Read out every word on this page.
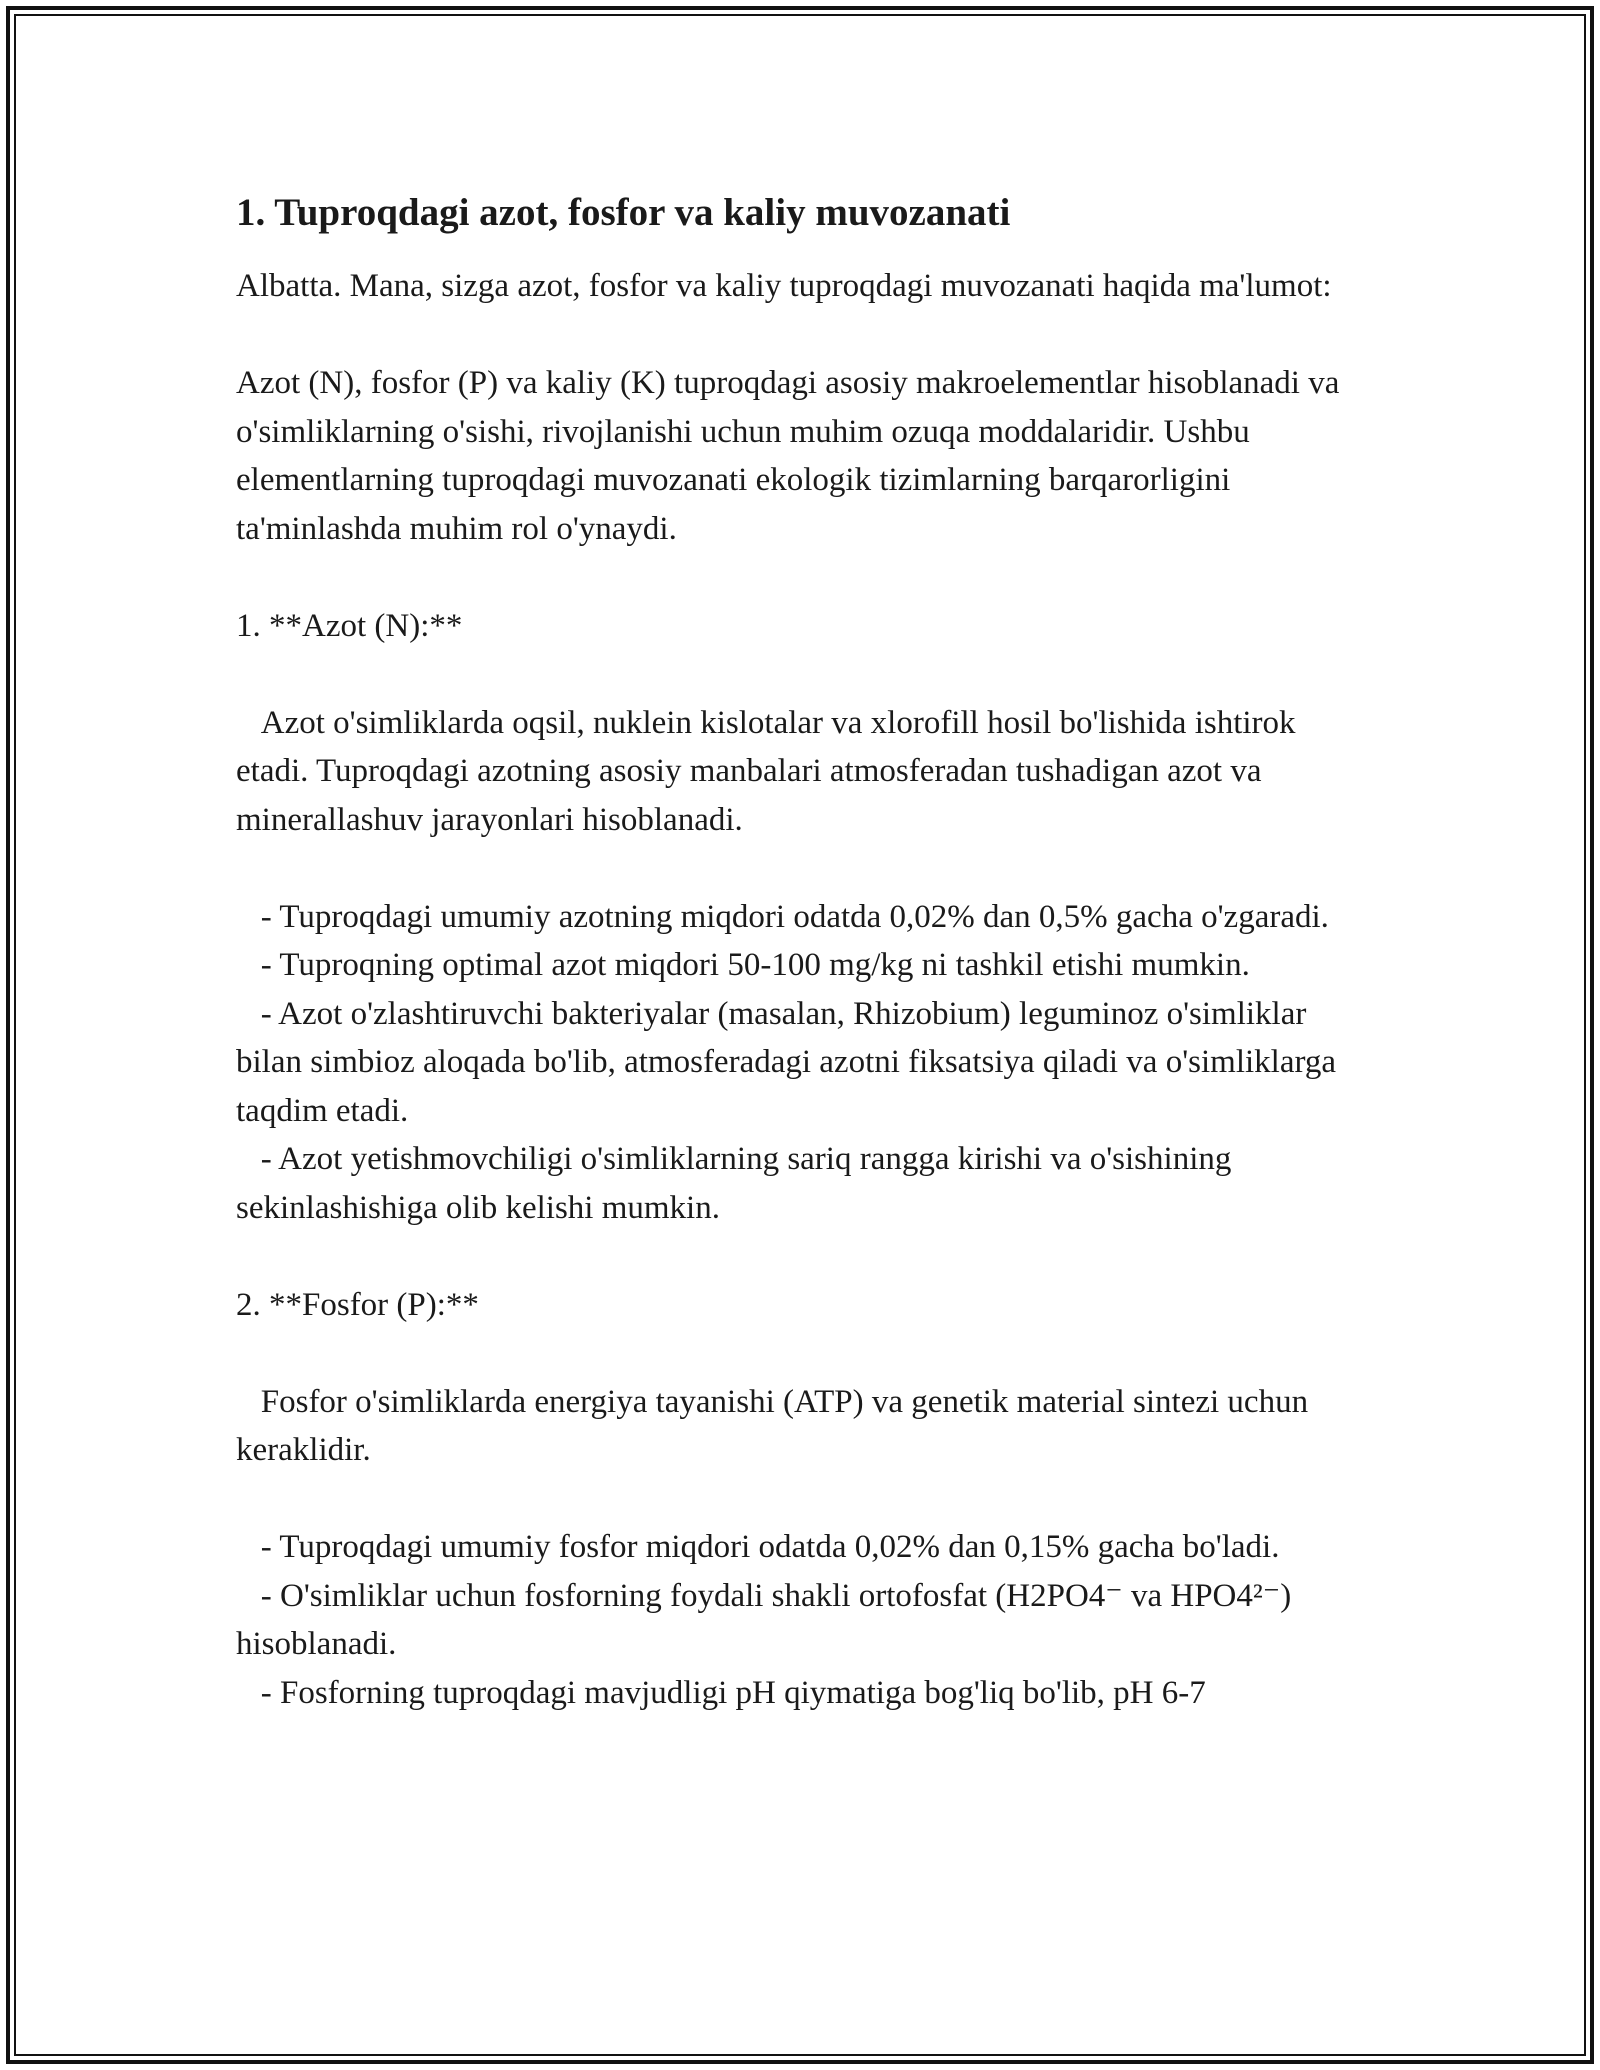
1. Tuproqdagi azot, fosfor va kaliy muvozanati

Albatta. Mana, sizga azot, fosfor va kaliy tuproqdagi muvozanati haqida ma'lumot:

Azot (N), fosfor (P) va kaliy (K) tuproqdagi asosiy makroelementlar hisoblanadi va o'simliklarning o'sishi, rivojlanishi uchun muhim ozuqa moddalaridir. Ushbu elementlarning tuproqdagi muvozanati ekologik tizimlarning barqarorligini ta'minlashda muhim rol o'ynaydi.

1. **Azot (N):**

Azot o'simliklarda oqsil, nuklein kislotalar va xlorofill hosil bo'lishida ishtirok etadi. Tuproqdagi azotning asosiy manbalari atmosferadan tushadigan azot va minerallashuv jarayonlari hisoblanadi.

- Tuproqdagi umumiy azotning miqdori odatda 0,02% dan 0,5% gacha o'zgaradi.

- Tuproqning optimal azot miqdori 50-100 mg/kg ni tashkil etishi mumkin.

- Azot o'zlashtiruvchi bakteriyalar (masalan, Rhizobium) leguminoz o'simliklar bilan simbioz aloqada bo'lib, atmosferadagi azotni fiksatsiya qiladi va o'simliklarga taqdim etadi.

- Azot yetishmovchiligi o'simliklarning sariq rangga kirishi va o'sishining sekinlashishiga olib kelishi mumkin.

2. **Fosfor (P):**

Fosfor o'simliklarda energiya tayanishi (ATP) va genetik material sintezi uchun keraklidir.

- Tuproqdagi umumiy fosfor miqdori odatda 0,02% dan 0,15% gacha bo'ladi.

- O'simliklar uchun fosforning foydali shakli ortofosfat (H2PO4⁻ va HPO4²⁻) hisoblanadi.

- Fosforning tuproqdagi mavjudligi pH qiymatiga bog'liq bo'lib, pH 6-7
